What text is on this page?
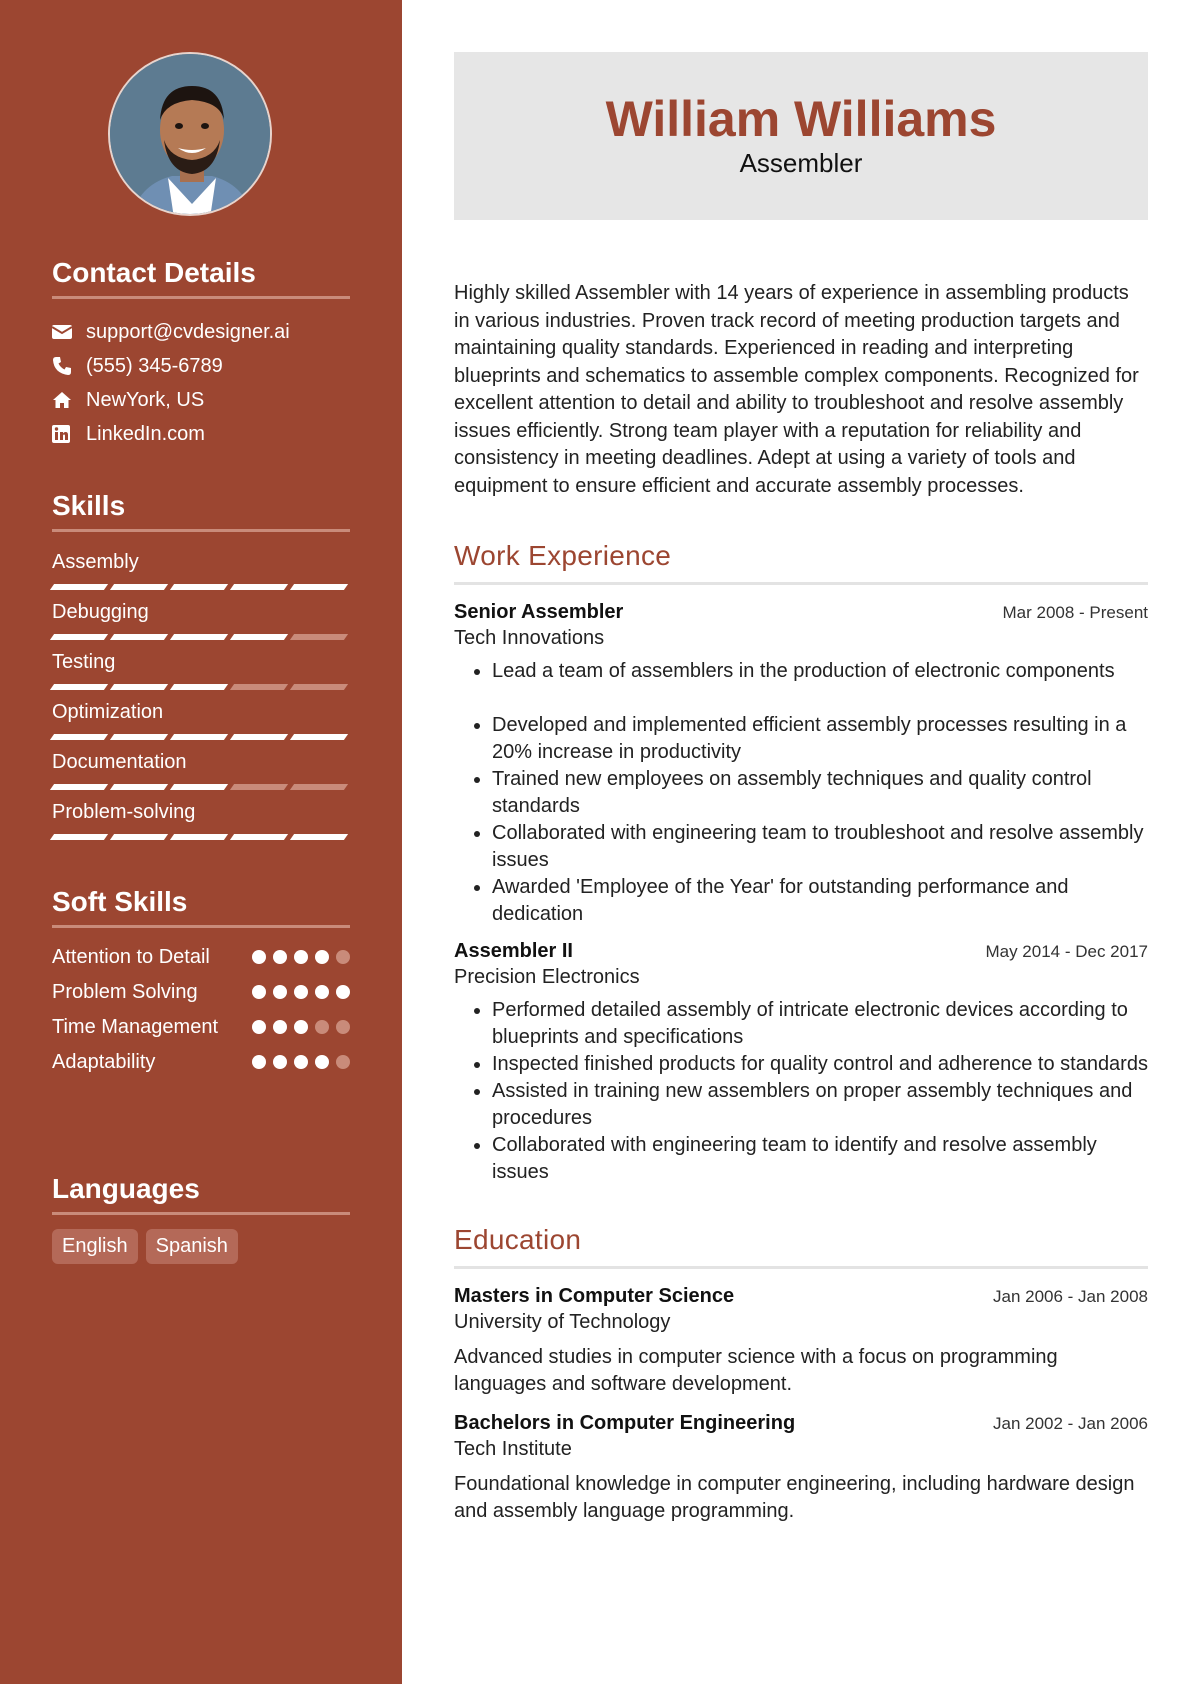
Contact Details
support@cvdesigner.ai
(555) 345-6789
NewYork, US
LinkedIn.com
Skills
Assembly
Debugging
Testing
Optimization
Documentation
Problem-solving
Soft Skills
Attention to Detail
Problem Solving
Time Management
Adaptability
Languages
English	Spanish
William Williams
Assembler
Highly skilled Assembler with 14 years of experience in assembling products in various industries. Proven track record of meeting production targets and maintaining quality standards. Experienced in reading and interpreting blueprints and schematics to assemble complex components. Recognized for excellent attention to detail and ability to troubleshoot and resolve assembly issues efficiently. Strong team player with a reputation for reliability and consistency in meeting deadlines. Adept at using a variety of tools and equipment to ensure efficient and accurate assembly processes.
Work Experience
Senior Assembler	Mar 2008 - Present
Tech Innovations
• Lead a team of assemblers in the production of electronic components
• Developed and implemented efficient assembly processes resulting in a 20% increase in productivity
• Trained new employees on assembly techniques and quality control standards
• Collaborated with engineering team to troubleshoot and resolve assembly issues
• Awarded 'Employee of the Year' for outstanding performance and dedication
Assembler II	May 2014 - Dec 2017
Precision Electronics
• Performed detailed assembly of intricate electronic devices according to blueprints and specifications
• Inspected finished products for quality control and adherence to standards
• Assisted in training new assemblers on proper assembly techniques and procedures
• Collaborated with engineering team to identify and resolve assembly issues
Education
Masters in Computer Science	Jan 2006 - Jan 2008
University of Technology
Advanced studies in computer science with a focus on programming languages and software development.
Bachelors in Computer Engineering	Jan 2002 - Jan 2006
Tech Institute
Foundational knowledge in computer engineering, including hardware design and assembly language programming.
